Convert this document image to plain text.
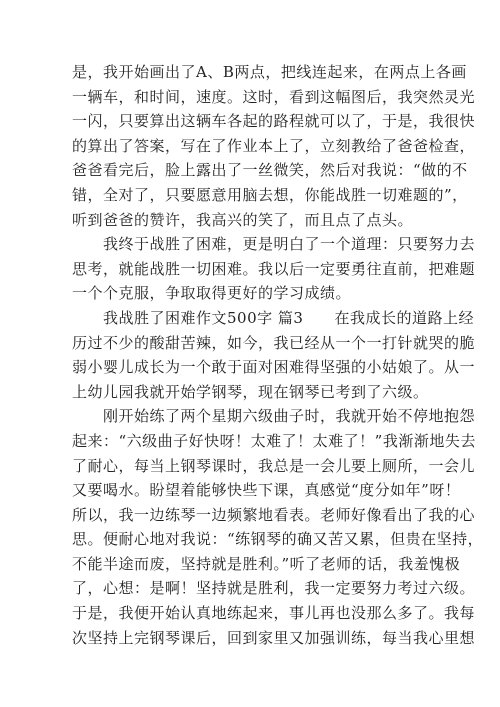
是，我开始画出了A、B两点，把线连起来，在两点上各画
一辆车，和时间，速度。这时，看到这幅图后，我突然灵光
一闪，只要算出这辆车各起的路程就可以了，于是，我很快
的算出了答案，写在了作业本上了，立刻教给了爸爸检查，
爸爸看完后，脸上露出了一丝微笑，然后对我说：“做的不
错，全对了，只要愿意用脑去想，你能战胜一切难题的”，
听到爸爸的赞许，我高兴的笑了，而且点了点头。
　　我终于战胜了困难，更是明白了一个道理：只要努力去
思考，就能战胜一切困难。我以后一定要勇往直前，把难题
一个个克服，争取取得更好的学习成绩。
　　我战胜了困难作文500字 篇3　　在我成长的道路上经
历过不少的酸甜苦辣，如今，我已经从一个一打针就哭的脆
弱小婴儿成长为一个敢于面对困难得坚强的小姑娘了。从一
上幼儿园我就开始学钢琴，现在钢琴已考到了六级。
　　刚开始练了两个星期六级曲子时，我就开始不停地抱怨
起来：“六级曲子好快呀！太难了！太难了！”我渐渐地失去
了耐心，每当上钢琴课时，我总是一会儿要上厕所，一会儿
又要喝水。盼望着能够快些下课，真感觉“度分如年”呀！
所以，我一边练琴一边频繁地看表。老师好像看出了我的心
思。便耐心地对我说：“练钢琴的确又苦又累，但贵在坚持，
不能半途而废，坚持就是胜利。”听了老师的话，我羞愧极
了，心想：是啊！坚持就是胜利，我一定要努力考过六级。
于是，我便开始认真地练起来，事儿再也没那么多了。我每
次坚持上完钢琴课后，回到家里又加强训练，每当我心里想
